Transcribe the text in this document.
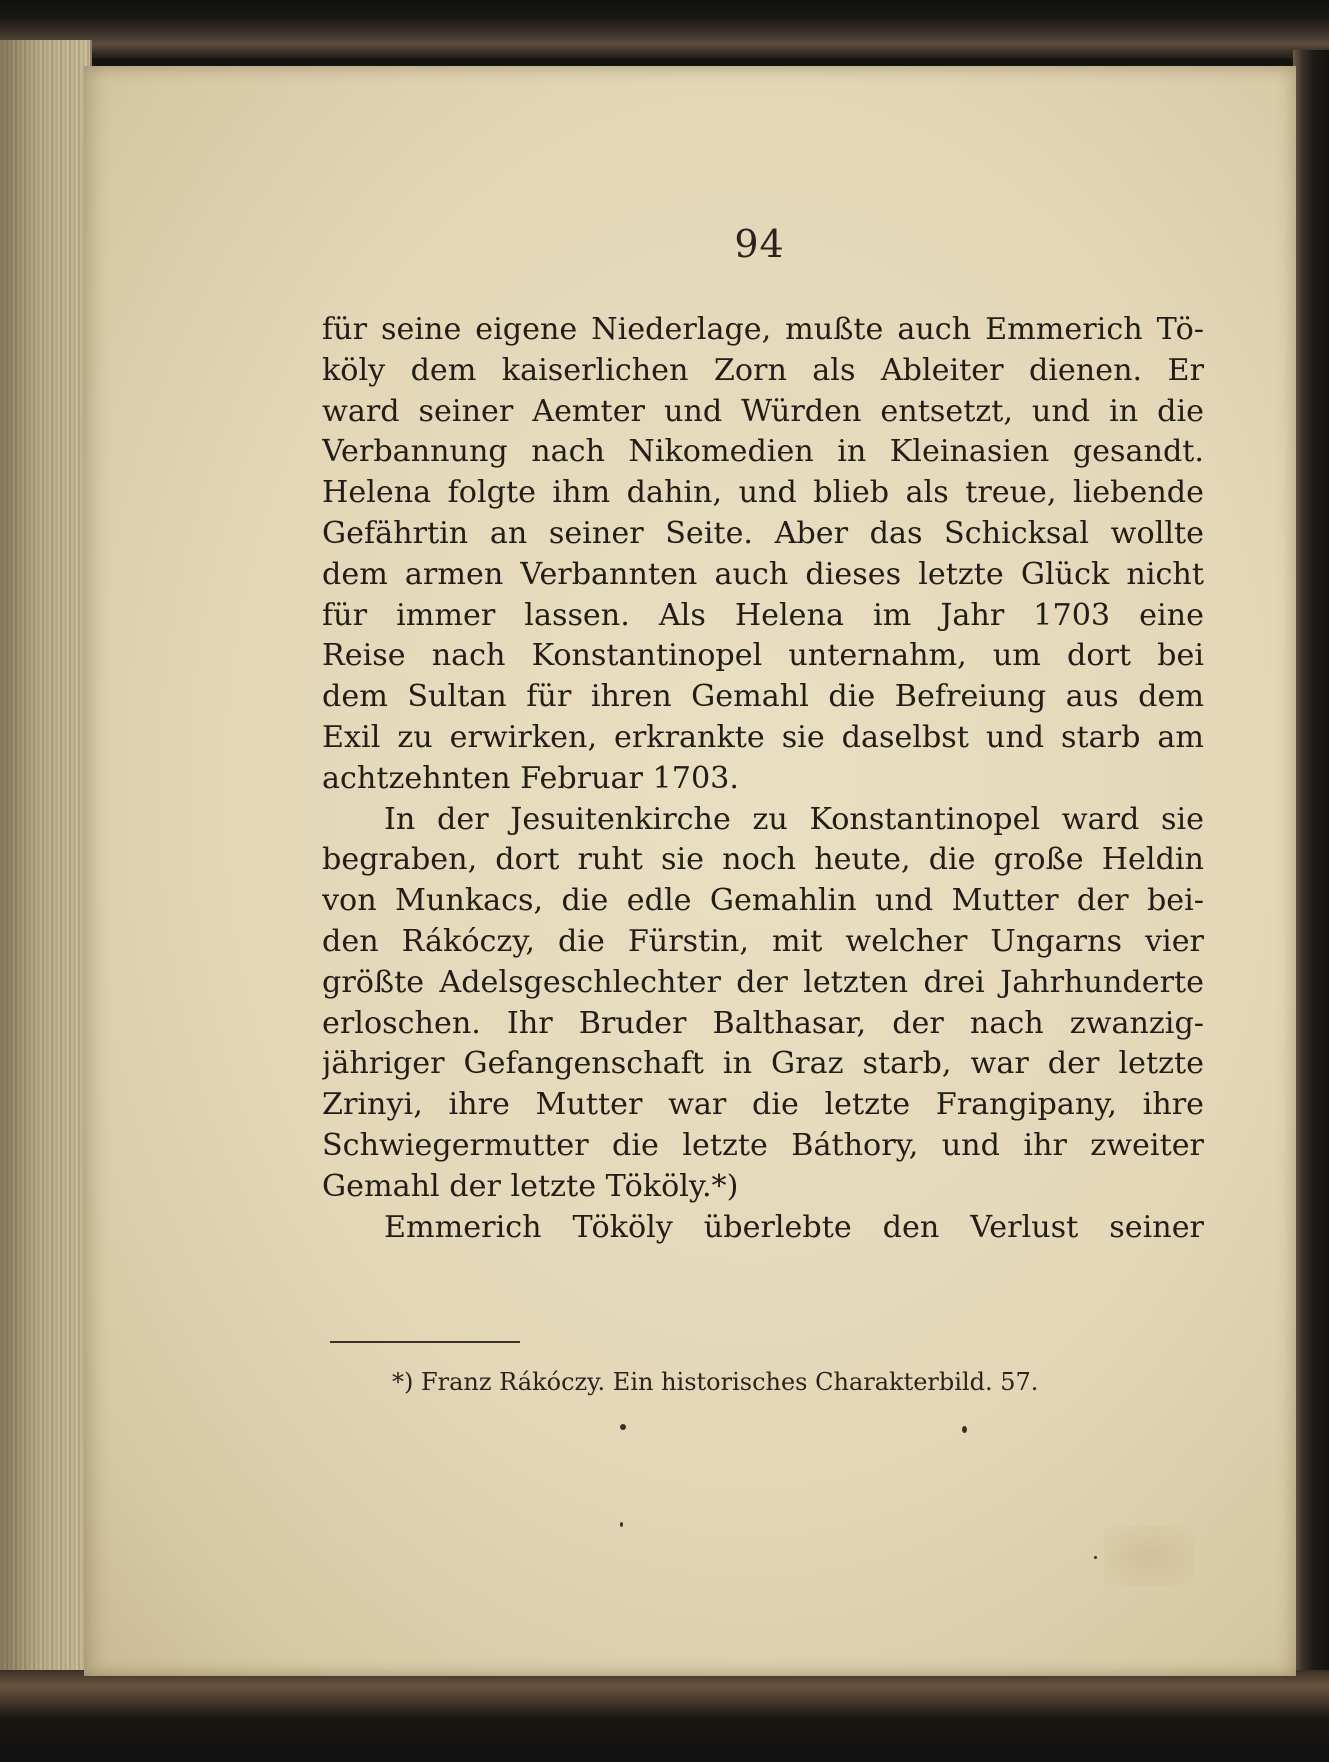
94
für seine eigene Niederlage, mußte auch Emmerich Tö-
köly dem kaiserlichen Zorn als Ableiter dienen. Er
ward seiner Aemter und Würden entsetzt, und in die
Verbannung nach Nikomedien in Kleinasien gesandt.
Helena folgte ihm dahin, und blieb als treue, liebende
Gefährtin an seiner Seite. Aber das Schicksal wollte
dem armen Verbannten auch dieses letzte Glück nicht
für immer lassen. Als Helena im Jahr 1703 eine
Reise nach Konstantinopel unternahm, um dort bei
dem Sultan für ihren Gemahl die Befreiung aus dem
Exil zu erwirken, erkrankte sie daselbst und starb am
achtzehnten Februar 1703.
In der Jesuitenkirche zu Konstantinopel ward sie
begraben, dort ruht sie noch heute, die große Heldin
von Munkacs, die edle Gemahlin und Mutter der bei-
den Rákóczy, die Fürstin, mit welcher Ungarns vier
größte Adelsgeschlechter der letzten drei Jahrhunderte
erloschen. Ihr Bruder Balthasar, der nach zwanzig-
jähriger Gefangenschaft in Graz starb, war der letzte
Zrinyi, ihre Mutter war die letzte Frangipany, ihre
Schwiegermutter die letzte Báthory, und ihr zweiter
Gemahl der letzte Tököly.*)
Emmerich Tököly überlebte den Verlust seiner
*) Franz Rákóczy. Ein historisches Charakterbild. 57.
